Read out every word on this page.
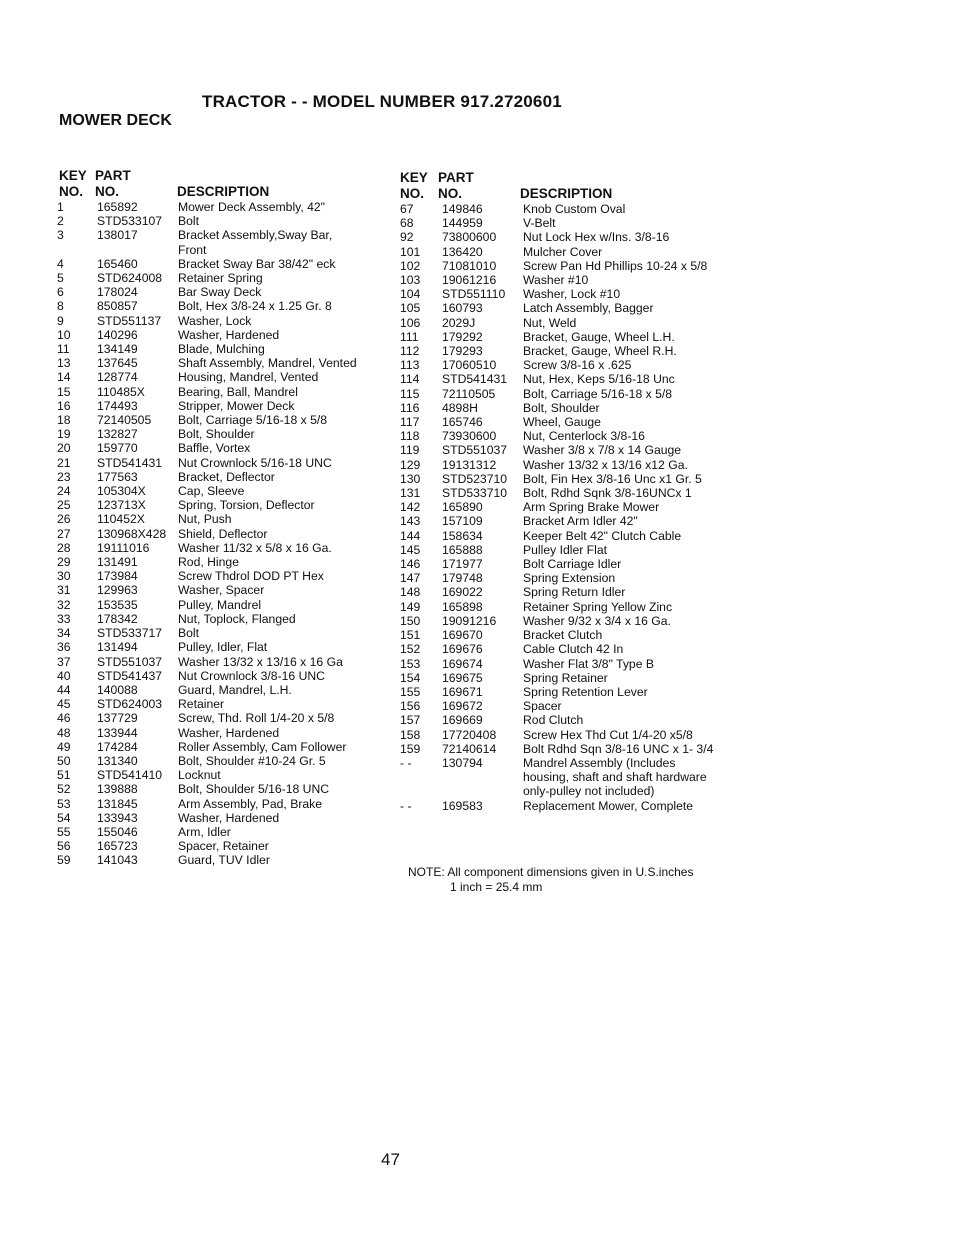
TRACTOR - - MODEL NUMBER 917.2720601
MOWER DECK
KEY
NO.
PART
NO.	DESCRIPTION
1	165892	Mower Deck Assembly, 42"
2	STD533107 Bolt
3	138017	Bracket Assembly,Sway Bar,
Front
4	165460	Bracket Sway Bar 38/42" eck
5	STD624008 Retainer Spring
6	178024	Bar Sway Deck
8	850857	Bolt, Hex 3/8-24 x 1.25 Gr. 8
9	STD551137 Washer, Lock
10 140296	Washer, Hardened
11 134149	Blade, Mulching
13 137645	Shaft Assembly, Mandrel, Vented
14 128774	Housing, Mandrel, Vented
15 110485X	Bearing, Ball, Mandrel
16 174493	Stripper, Mower Deck
18 72140505 Bolt, Carriage 5/16-18 x 5/8
19 132827	Bolt, Shoulder
20 159770	Baffle, Vortex
21 STD541431 Nut Crownlock 5/16-18 UNC
23 177563	Bracket, Deflector
24 105304X	Cap, Sleeve
25 123713X	Spring, Torsion, Deflector
26 110452X	Nut, Push
27 130968X428 Shield, Deflector
28 19111016 Washer 11/32 x 5/8 x 16 Ga.
29 131491	Rod, Hinge
30 173984	Screw Thdrol DOD PT Hex
31 129963	Washer, Spacer
32 153535	Pulley, Mandrel
33 178342	Nut, Toplock, Flanged
34 STD533717 Bolt
36 131494	Pulley, Idler, Flat
37 STD551037 Washer 13/32 x 13/16 x 16 Ga
40 STD541437 Nut Crownlock 3/8-16 UNC
44 140088	Guard, Mandrel, L.H.
45 STD624003 Retainer
46 137729	Screw, Thd. Roll 1/4-20 x 5/8
48 133944	Washer, Hardened
49 174284	Roller Assembly, Cam Follower
50 131340	Bolt, Shoulder #10-24 Gr. 5
51 STD541410 Locknut
52 139888	Bolt, Shoulder 5/16-18 UNC
53 131845	Arm Assembly, Pad, Brake
54 133943	Washer, Hardened
55 155046	Arm, Idler
56 165723	Spacer, Retainer
59 141043	Guard, TUV Idler
KEY
NO.
PART
NO.	DESCRIPTION
67 149846	Knob Custom Oval
68 144959	V-Belt
92 73800600 Nut Lock Hex w/Ins. 3/8-16
101 136420	Mulcher Cover
102 71081010 Screw Pan Hd Phillips 10-24 x 5/8
103 19061216 Washer #10
104 STD551110 Washer, Lock #10
105 160793	Latch Assembly, Bagger
106 2029J	Nut, Weld
111 179292	Bracket, Gauge, Wheel L.H.
112 179293	Bracket, Gauge, Wheel R.H.
113 17060510 Screw 3/8-16 x .625
114 STD541431 Nut, Hex, Keps 5/16-18 Unc
115 72110505 Bolt, Carriage 5/16-18 x 5/8
116 4898H	Bolt, Shoulder
117 165746	Wheel, Gauge
118 73930600 Nut, Centerlock 3/8-16
119 STD551037 Washer 3/8 x 7/8 x 14 Gauge
129 19131312 Washer 13/32 x 13/16 x12 Ga.
130 STD523710 Bolt, Fin Hex 3/8-16 Unc x1 Gr. 5
131 STD533710 Bolt, Rdhd Sqnk 3/8-16UNCx 1
142 165890	Arm Spring Brake Mower
143 157109	Bracket Arm Idler 42"
144 158634	Keeper Belt 42" Clutch Cable
145 165888	Pulley Idler Flat
146 171977	Bolt Carriage Idler
147 179748	Spring Extension
148 169022	Spring Return Idler
149 165898	Retainer Spring Yellow Zinc
150 19091216 Washer 9/32 x 3/4 x 16 Ga.
151 169670	Bracket Clutch
152 169676	Cable Clutch 42 In
153 169674	Washer Flat 3/8" Type B
154 169675	Spring Retainer
155 169671	Spring Retention Lever
156 169672	Spacer
157 169669	Rod Clutch
158 17720408 Screw Hex Thd Cut 1/4-20 x5/8
159 72140614 Bolt Rdhd Sqn 3/8-16 UNC x 1- 3/4
- - 130794	Mandrel Assembly (Includes
housing, shaft and shaft hardware
only-pulley not included)
- - 169583	Replacement Mower, Complete
NOTE: All component dimensions given in U.S.inches
1 inch = 25.4 mm
47
